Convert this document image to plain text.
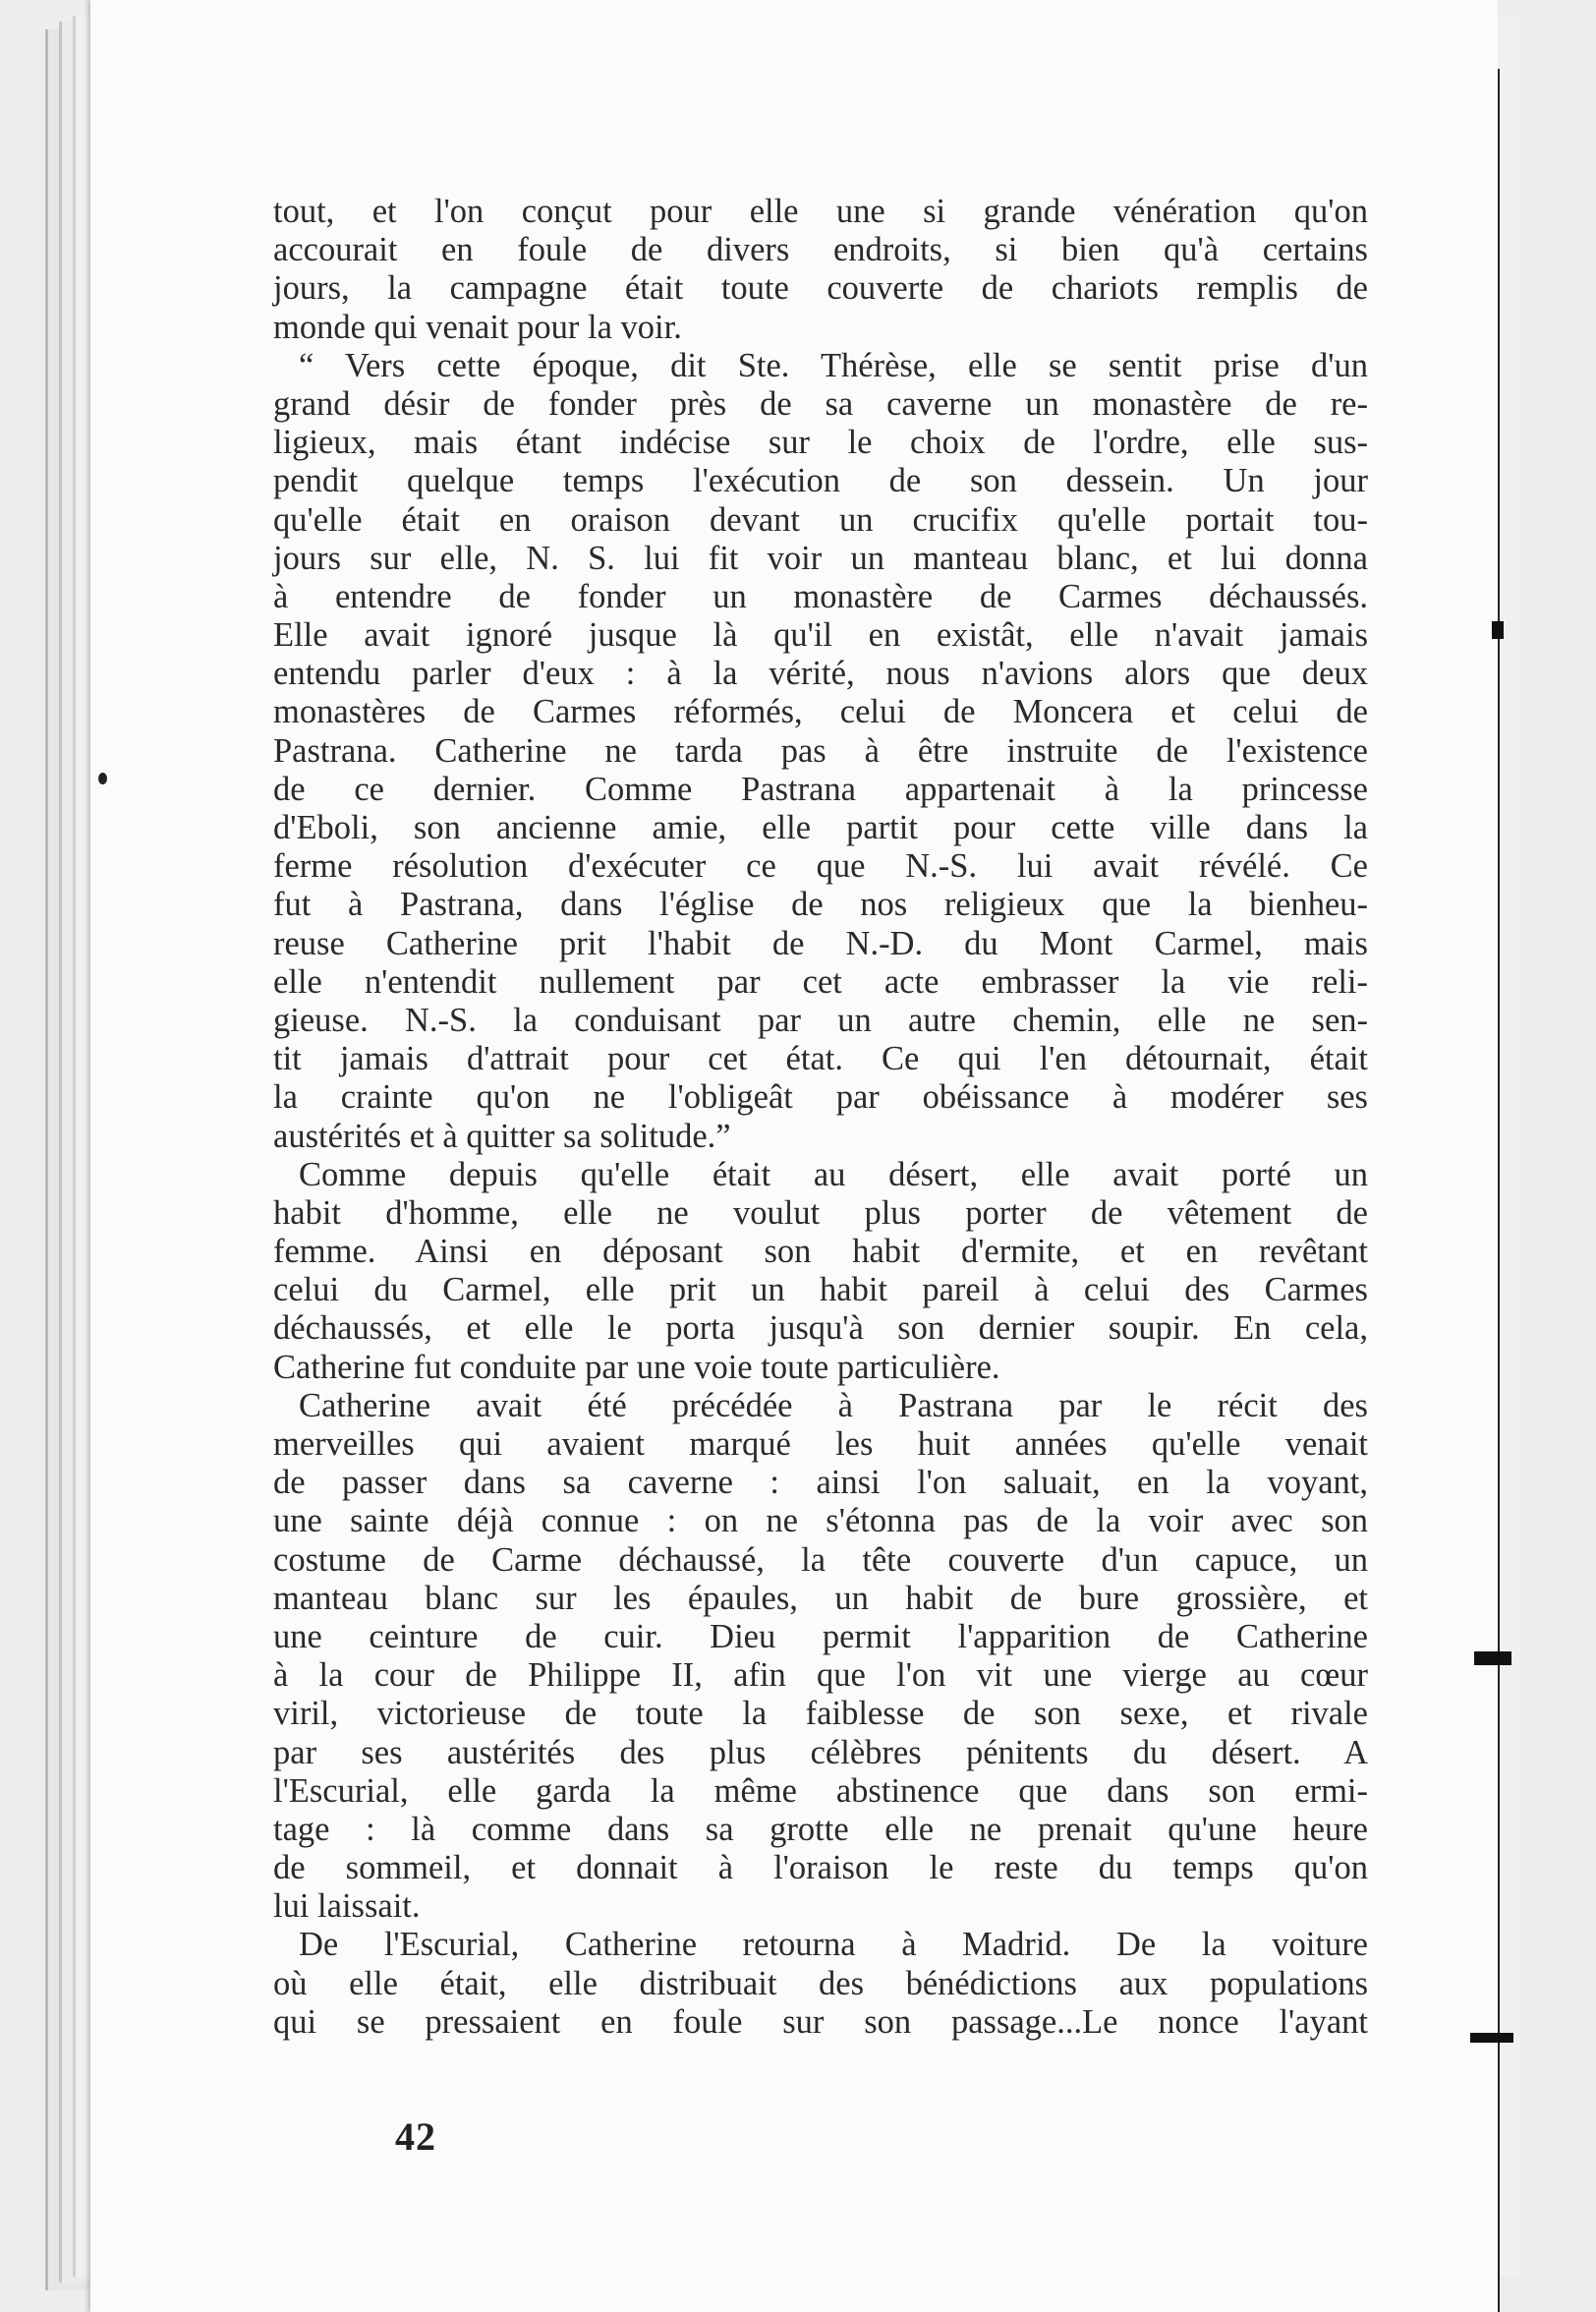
tout, et l'on conçut pour elle une si grande vénération qu'on
accourait en foule de divers endroits, si bien qu'à certains
jours, la campagne était toute couverte de chariots remplis de
monde qui venait pour la voir.
“ Vers cette époque, dit Ste. Thérèse, elle se sentit prise d'un
grand désir de fonder près de sa caverne un monastère de re-
ligieux, mais étant indécise sur le choix de l'ordre, elle sus-
pendit quelque temps l'exécution de son dessein. Un jour
qu'elle était en oraison devant un crucifix qu'elle portait tou-
jours sur elle, N. S. lui fit voir un manteau blanc, et lui donna
à entendre de fonder un monastère de Carmes déchaussés.
Elle avait ignoré jusque là qu'il en existât, elle n'avait jamais
entendu parler d'eux : à la vérité, nous n'avions alors que deux
monastères de Carmes réformés, celui de Moncera et celui de
Pastrana. Catherine ne tarda pas à être instruite de l'existence
de ce dernier. Comme Pastrana appartenait à la princesse
d'Eboli, son ancienne amie, elle partit pour cette ville dans la
ferme résolution d'exécuter ce que N.-S. lui avait révélé. Ce
fut à Pastrana, dans l'église de nos religieux que la bienheu-
reuse Catherine prit l'habit de N.-D. du Mont Carmel, mais
elle n'entendit nullement par cet acte embrasser la vie reli-
gieuse. N.-S. la conduisant par un autre chemin, elle ne sen-
tit jamais d'attrait pour cet état. Ce qui l'en détournait, était
la crainte qu'on ne l'obligeât par obéissance à modérer ses
austérités et à quitter sa solitude.”
Comme depuis qu'elle était au désert, elle avait porté un
habit d'homme, elle ne voulut plus porter de vêtement de
femme. Ainsi en déposant son habit d'ermite, et en revêtant
celui du Carmel, elle prit un habit pareil à celui des Carmes
déchaussés, et elle le porta jusqu'à son dernier soupir. En cela,
Catherine fut conduite par une voie toute particulière.
Catherine avait été précédée à Pastrana par le récit des
merveilles qui avaient marqué les huit années qu'elle venait
de passer dans sa caverne : ainsi l'on saluait, en la voyant,
une sainte déjà connue : on ne s'étonna pas de la voir avec son
costume de Carme déchaussé, la tête couverte d'un capuce, un
manteau blanc sur les épaules, un habit de bure grossière, et
une ceinture de cuir. Dieu permit l'apparition de Catherine
à la cour de Philippe II, afin que l'on vit une vierge au cœur
viril, victorieuse de toute la faiblesse de son sexe, et rivale
par ses austérités des plus célèbres pénitents du désert. A
l'Escurial, elle garda la même abstinence que dans son ermi-
tage : là comme dans sa grotte elle ne prenait qu'une heure
de sommeil, et donnait à l'oraison le reste du temps qu'on
lui laissait.
De l'Escurial, Catherine retourna à Madrid. De la voiture
où elle était, elle distribuait des bénédictions aux populations
qui se pressaient en foule sur son passage...Le nonce l'ayant
42
